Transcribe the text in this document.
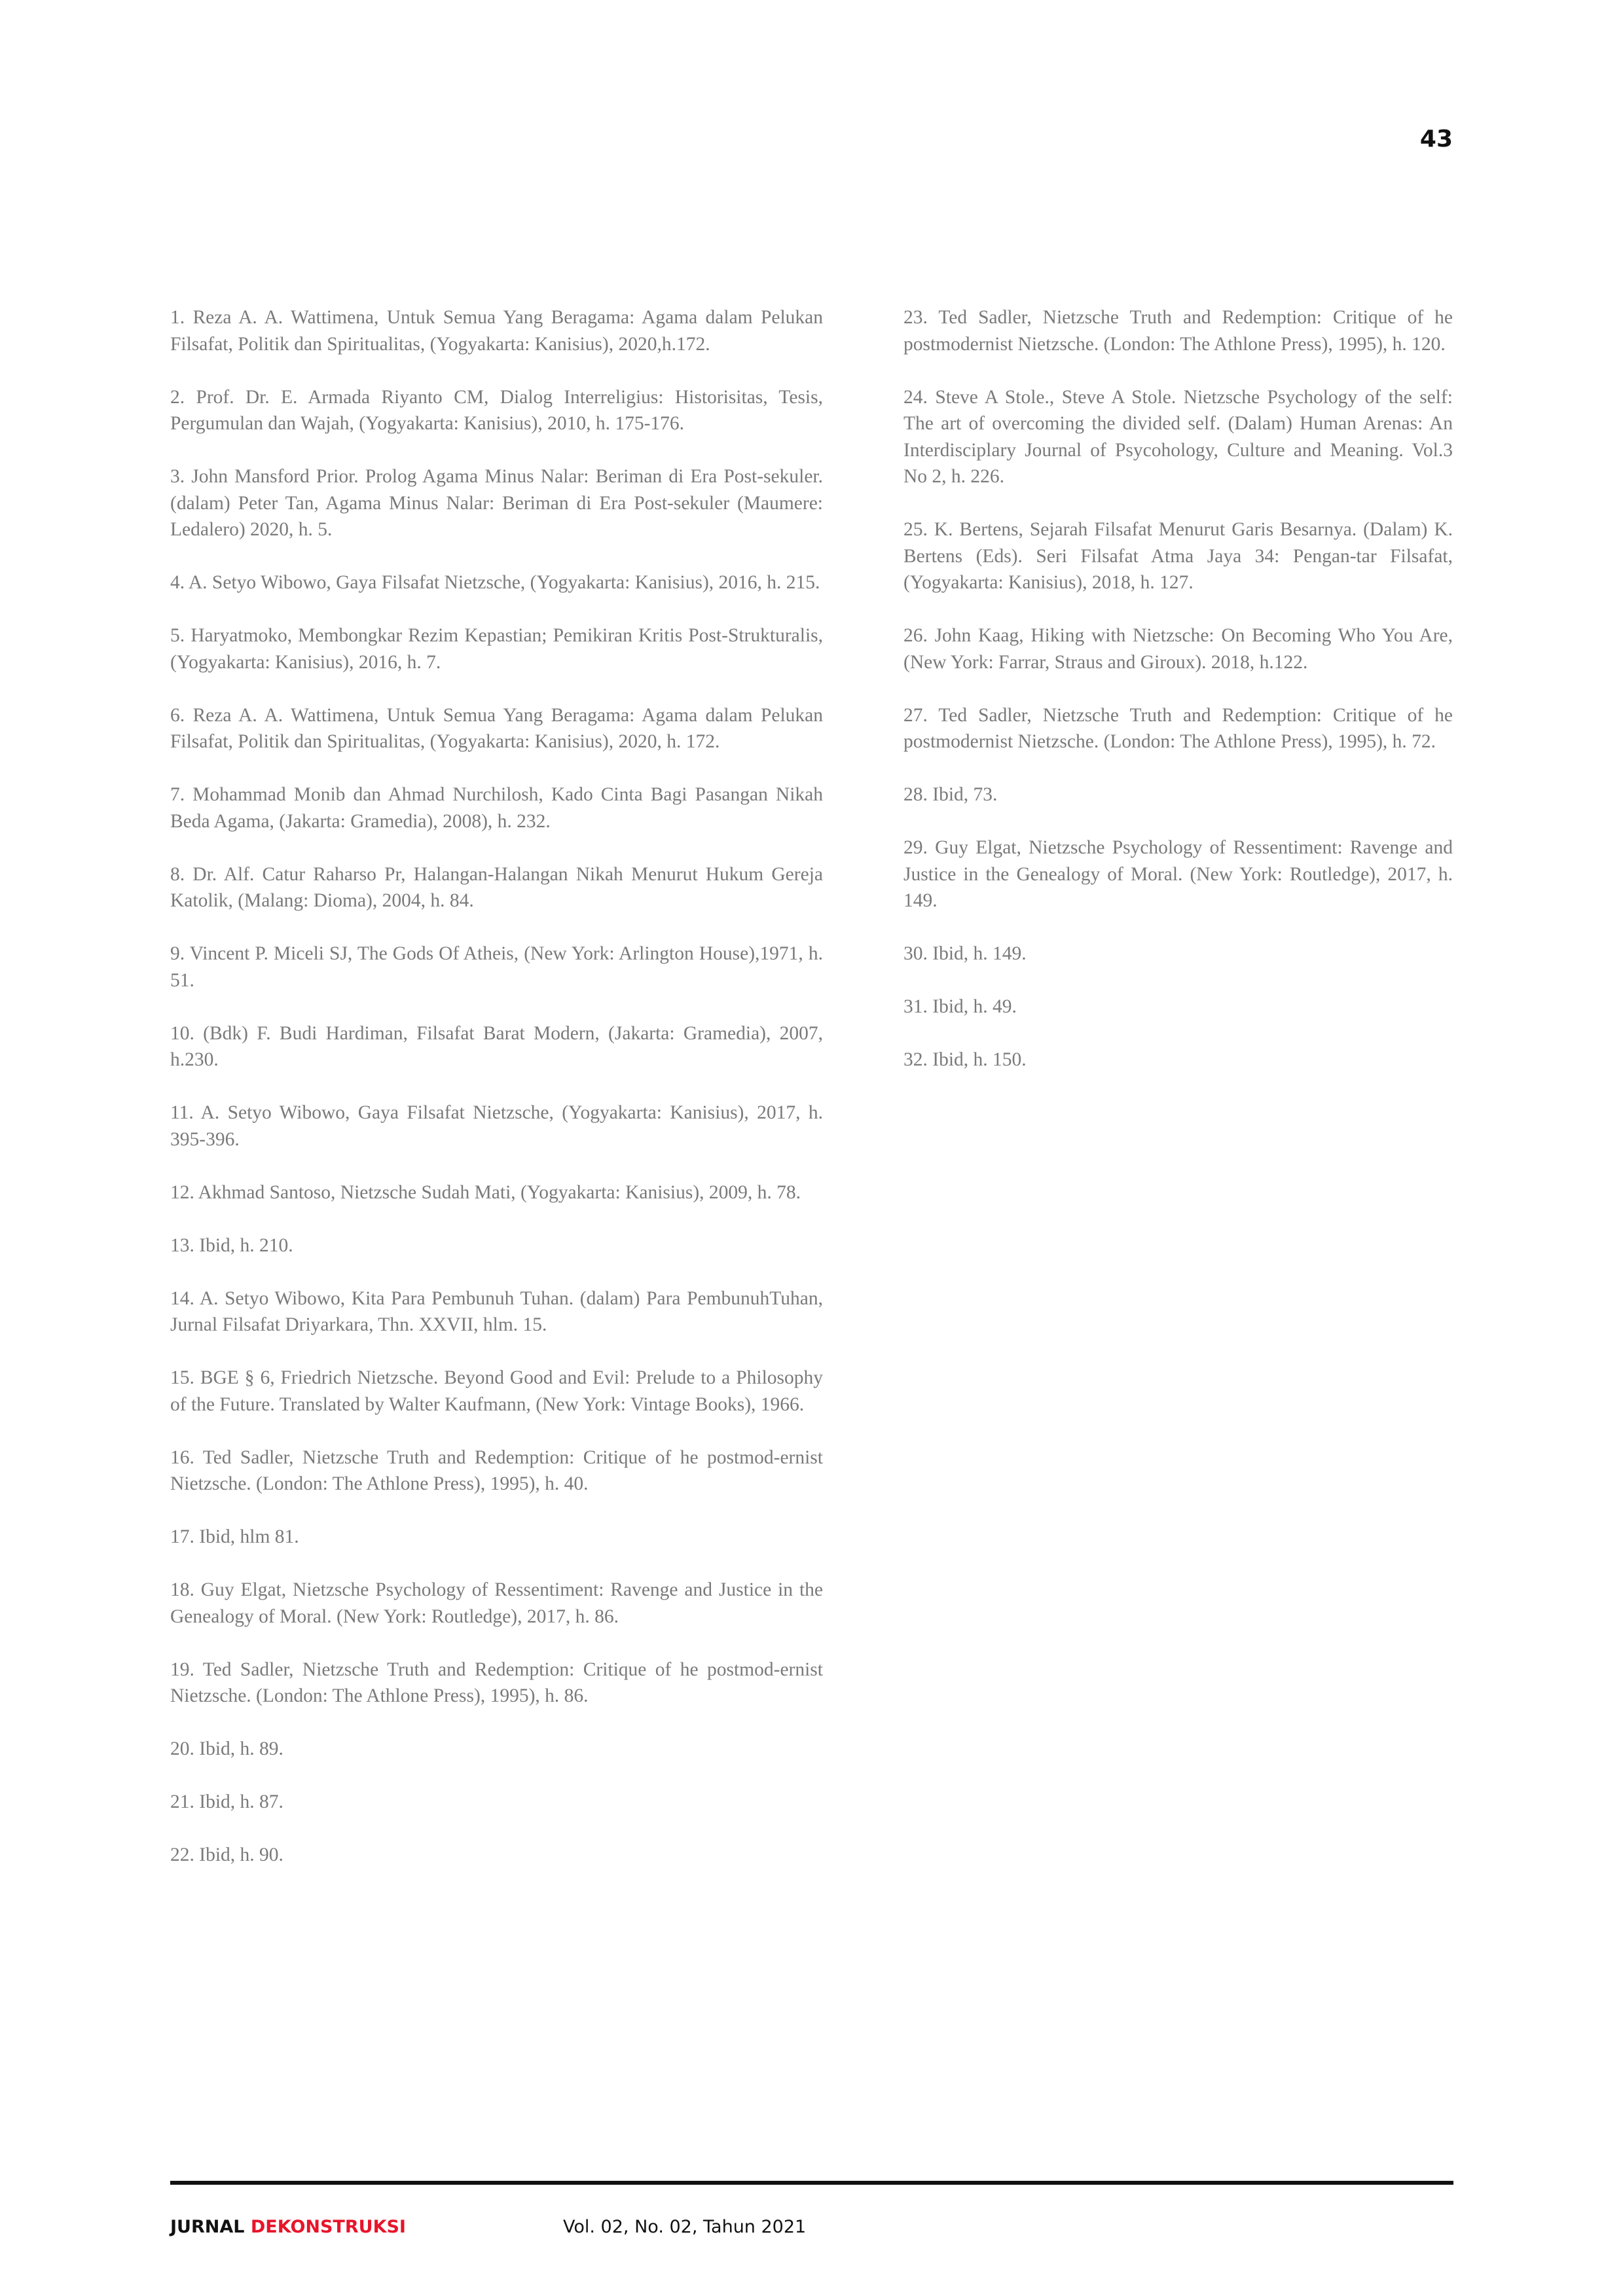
43

1. Reza A. A. Wattimena, Untuk Semua Yang Beragama: Agama dalam Pelukan Filsafat, Politik dan Spiritualitas, (Yogyakarta: Kanisius), 2020,h.172.

2. Prof. Dr. E. Armada Riyanto CM, Dialog Interreligius: Historisitas, Tesis, Pergumulan dan Wajah, (Yogyakarta: Kanisius), 2010, h. 175-176.

3. John Mansford Prior. Prolog Agama Minus Nalar: Beriman di Era Post-sekuler. (dalam) Peter Tan, Agama Minus Nalar: Beriman di Era Post-sekuler (Maumere: Ledalero) 2020, h. 5.

4. A. Setyo Wibowo, Gaya Filsafat Nietzsche, (Yogyakarta: Kanisius), 2016, h. 215.

5. Haryatmoko, Membongkar Rezim Kepastian; Pemikiran Kritis Post-Strukturalis, (Yogyakarta: Kanisius), 2016, h. 7.

6. Reza A. A. Wattimena, Untuk Semua Yang Beragama: Agama dalam Pelukan Filsafat, Politik dan Spiritualitas, (Yogyakarta: Kanisius), 2020, h. 172.

7. Mohammad Monib dan Ahmad Nurchilosh, Kado Cinta Bagi Pasangan Nikah Beda Agama, (Jakarta: Gramedia), 2008), h. 232.

8. Dr. Alf. Catur Raharso Pr, Halangan-Halangan Nikah Menurut Hukum Gereja Katolik, (Malang: Dioma), 2004, h. 84.

9. Vincent P. Miceli SJ, The Gods Of Atheis, (New York: Arlington House),1971, h. 51.

10. (Bdk) F. Budi Hardiman, Filsafat Barat Modern, (Jakarta: Gramedia), 2007, h.230.

11. A. Setyo Wibowo, Gaya Filsafat Nietzsche, (Yogyakarta: Kanisius), 2017, h. 395-396.

12. Akhmad Santoso, Nietzsche Sudah Mati, (Yogyakarta: Kanisius), 2009, h. 78.

13. Ibid, h. 210.

14. A. Setyo Wibowo, Kita Para Pembunuh Tuhan. (dalam) Para PembunuhTuhan, Jurnal Filsafat Driyarkara, Thn. XXVII, hlm. 15.

15. BGE § 6, Friedrich Nietzsche. Beyond Good and Evil: Prelude to a Philosophy of the Future. Translated by Walter Kaufmann, (New York: Vintage Books), 1966.

16. Ted Sadler, Nietzsche Truth and Redemption: Critique of he postmod-ernist Nietzsche. (London: The Athlone Press), 1995), h. 40.

17. Ibid, hlm 81.

18. Guy Elgat, Nietzsche Psychology of Ressentiment: Ravenge and Justice in the Genealogy of Moral. (New York: Routledge), 2017, h. 86.

19. Ted Sadler, Nietzsche Truth and Redemption: Critique of he postmod-ernist Nietzsche. (London: The Athlone Press), 1995), h. 86.

20. Ibid, h. 89.

21. Ibid, h. 87.

22. Ibid, h. 90.

23. Ted Sadler, Nietzsche Truth and Redemption: Critique of he postmodernist Nietzsche. (London: The Athlone Press), 1995), h. 120.

24. Steve A Stole., Steve A Stole. Nietzsche Psychology of the self: The art of overcoming the divided self. (Dalam) Human Arenas: An Interdisciplary Journal of Psycohology, Culture and Meaning. Vol.3 No 2, h. 226.

25. K. Bertens, Sejarah Filsafat Menurut Garis Besarnya. (Dalam) K. Bertens (Eds). Seri Filsafat Atma Jaya 34: Pengan-tar Filsafat, (Yogyakarta: Kanisius), 2018, h. 127.

26. John Kaag, Hiking with Nietzsche: On Becoming Who You Are, (New York: Farrar, Straus and Giroux). 2018, h.122.

27. Ted Sadler, Nietzsche Truth and Redemption: Critique of he postmodernist Nietzsche. (London: The Athlone Press), 1995), h. 72.

28. Ibid, 73.

29. Guy Elgat, Nietzsche Psychology of Ressentiment: Ravenge and Justice in the Genealogy of Moral. (New York: Routledge), 2017, h. 149.

30. Ibid, h. 149.

31. Ibid, h. 49.

32. Ibid, h. 150.

JURNAL DEKONSTRUKSI	Vol. 02, No. 02, Tahun 2021
